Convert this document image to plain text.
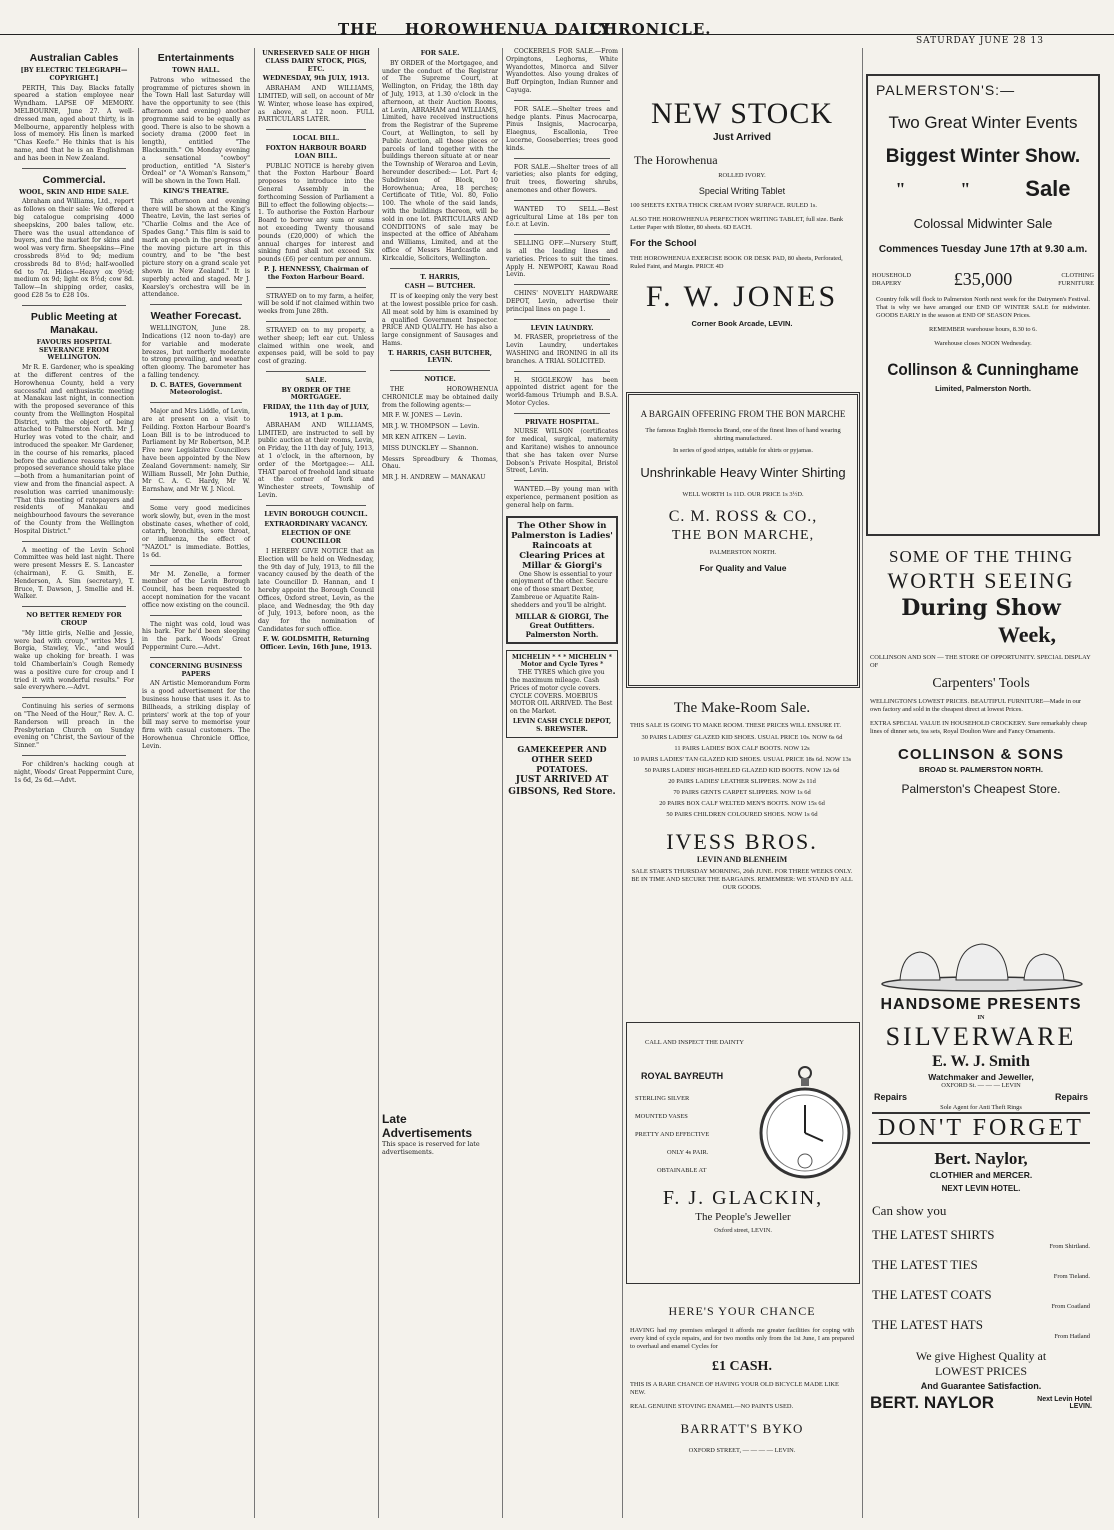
THE HOROWHENUA DAILY
CHRONICLE.
SATURDAY JUNE 28 13
Australian Cables
[BY ELECTRIC TELEGRAPH—COPYRIGHT.]

PERTH, This Day. Blacks fatally speared a station employee near Wyndham. LAPSE OF MEMORY. MELBOURNE, June 27. A well-dressed man, aged about thirty, is in Melbourne, apparently helpless with loss of memory. His linen is marked "Chas Keefe." He thinks that is his name, and that he is an Englishman and has been in New Zealand.

Commercial.
WOOL, SKIN AND HIDE SALE.

Abraham and Williams, Ltd., report as follows on their sale: We offered a big catalogue comprising 4000 sheepskins, 200 bales tallow, etc. There was the usual attendance of buyers, and the market for skins and wool was very firm. Sheepskins—Fine crossbreds 8½d to 9d; medium crossbreds 8d to 8½d; half-woolled 6d to 7d. Hides—Heavy ox 9½d; medium ox 9d; light ox 8½d; cow 8d. Tallow—In shipping order, casks, good £28 5s to £28 10s.

Public Meeting at Manakau.
FAVOURS HOSPITAL SEVERANCE FROM WELLINGTON.

Mr R. E. Gardener, who is speaking at the different centres of the Horowhenua County, held a very successful and enthusiastic meeting at Manakau last night, in connection with the proposed severance of this county from the Wellington Hospital District, with the object of being attached to Palmerston North. Mr J. Hurley was voted to the chair, and introduced the speaker. Mr Gardener, in the course of his remarks, placed before the audience reasons why the proposed severance should take place—both from a humanitarian point of view and from the financial aspect. A resolution was carried unanimously: "That this meeting of ratepayers and residents of Manakau and neighbourhood favours the severance of the County from the Wellington Hospital District."

A meeting of the Levin School Committee was held last night. There were present Messrs E. S. Lancaster (chairman), F. G. Smith, E. Henderson, A. Sim (secretary), T. Bruce, T. Dawson, J. Smellie and H. Walker.

NO BETTER REMEDY FOR CROUP

"My little girls, Nellie and Jessie, were bad with croup," writes Mrs J. Borgia, Stawley, Vic., "and would wake up choking for breath. I was told Chamberlain's Cough Remedy was a positive cure for croup and I tried it with wonderful results." For sale everywhere.—Advt.

Continuing his series of sermons on "The Need of the Hour," Rev. A. C. Randerson will preach in the Presbyterian Church on Sunday evening on "Christ, the Saviour of the Sinner."

For children's hacking cough at night, Woods' Great Peppermint Cure, 1s 6d, 2s 6d.—Advt.

Entertainments
TOWN HALL.

Patrons who witnessed the programme of pictures shown in the Town Hall last Saturday will have the opportunity to see (this afternoon and evening) another programme said to be equally as good. There is also to be shown a society drama (2000 feet in length), entitled "The Blacksmith." On Monday evening a sensational "cowboy" production, entitled "A Sister's Ordeal" or "A Woman's Ransom," will be shown in the Town Hall.

KING'S THEATRE.

This afternoon and evening there will be shown at the King's Theatre, Levin, the last series of "Charlie Colms and the Ace of Spades Gang." This film is said to mark an epoch in the progress of the moving picture art in this country, and to be "the best picture story on a grand scale yet shown in New Zealand." It is superbly acted and staged. Mr J. Kearsley's orchestra will be in attendance.

Weather Forecast.

WELLINGTON, June 28. Indications (12 noon to-day) are for variable and moderate breezes, but northerly moderate to strong prevailing, and weather often gloomy. The barometer has a falling tendency.

D. C. BATES, Government Meteorologist.

Major and Mrs Liddle, of Levin, are at present on a visit to Feilding. Foxton Harbour Board's Loan Bill is to be introduced to Parliament by Mr Robertson, M.P. Five new Legislative Councillors have been appointed by the New Zealand Government: namely, Sir William Russell, Mr John Duthie, Mr C. A. C. Hardy, Mr W. Earnshaw, and Mr W. J. Nicol.

Some very good medicines work slowly, but, even in the most obstinate cases, whether of cold, catarrh, bronchitis, sore throat, or influenza, the effect of "NAZOL" is immediate. Bottles, 1s 6d.

Mr M. Zenelle, a former member of the Levin Borough Council, has been requested to accept nomination for the vacant office now existing on the council.

The night was cold, loud was his bark. For he'd been sleeping in the park. Woods' Great Peppermint Cure.—Advt.

CONCERNING BUSINESS PAPERS

AN Artistic Memorandum Form is a good advertisement for the business house that uses it. As to Billheads, a striking display of printers' work at the top of your bill may serve to memorise your firm with casual customers. The Horowhenua Chronicle Office, Levin.

UNRESERVED SALE OF HIGH CLASS DAIRY STOCK, PIGS, ETC.
WEDNESDAY, 9th JULY, 1913.

ABRAHAM AND WILLIAMS, LIMITED, will sell, on account of Mr W. Winter, whose lease has expired, as above, at 12 noon. FULL PARTICULARS LATER.

LOCAL BILL.
FOXTON HARBOUR BOARD LOAN BILL.

PUBLIC NOTICE is hereby given that the Foxton Harbour Board proposes to introduce into the General Assembly in the forthcoming Session of Parliament a Bill to effect the following objects:— 1. To authorise the Foxton Harbour Board to borrow any sum or sums not exceeding Twenty thousand pounds (£20,000) of which the annual charges for interest and sinking fund shall not exceed Six pounds (£6) per centum per annum.

P. J. HENNESSY, Chairman of the Foxton Harbour Board.

STRAYED on to my farm, a heifer, will be sold if not claimed within two weeks from June 28th.

STRAYED on to my property, a wether sheep; left ear cut. Unless claimed within one week, and expenses paid, will be sold to pay cost of grazing.

SALE.
BY ORDER OF THE MORTGAGEE.
FRIDAY, the 11th day of JULY, 1913, at 1 p.m.

ABRAHAM AND WILLIAMS, LIMITED, are instructed to sell by public auction at their rooms, Levin, on Friday, the 11th day of July, 1913, at 1 o'clock, in the afternoon, by order of the Mortgagee:— ALL THAT parcel of freehold land situate at the corner of York and Winchester streets, Township of Levin.

LEVIN BOROUGH COUNCIL.
EXTRAORDINARY VACANCY.
ELECTION OF ONE COUNCILLOR

I HEREBY GIVE NOTICE that an Election will be held on Wednesday, the 9th day of July, 1913, to fill the vacancy caused by the death of the late Councillor D. Hannan, and I hereby appoint the Borough Council Offices, Oxford street, Levin, as the place, and Wednesday, the 9th day of July, 1913, before noon, as the day for the nomination of Candidates for such office.

F. W. GOLDSMITH, Returning Officer. Levin, 16th June, 1913.
FOR SALE.

BY ORDER of the Mortgagee, and under the conduct of the Registrar of The Supreme Court, at Wellington, on Friday, the 18th day of July, 1913, at 1.30 o'clock in the afternoon, at their Auction Rooms, at Levin, ABRAHAM and WILLIAMS, Limited, have received instructions from the Registrar of the Supreme Court, at Wellington, to sell by Public Auction, all those pieces or parcels of land together with the buildings thereon situate at or near the Township of Weraroa and Levin, hereunder described:— Lot. Part 4; Subdivision of Block, 10 Horowhenua; Area, 18 perches; Certificate of Title, Vol. 80, Folio 100. The whole of the said lands, with the buildings thereon, will be sold in one lot. PARTICULARS AND CONDITIONS of sale may be inspected at the office of Abraham and Williams, Limited, and at the office of Messrs Hardcastle and Kirkcaldie, Solicitors, Wellington.

T. HARRIS,
CASH — BUTCHER.

IT is of keeping only the very best at the lowest possible price for cash. All meat sold by him is examined by a qualified Government Inspector. PRICE AND QUALITY. He has also a large consignment of Sausages and Hams.

T. HARRIS, CASH BUTCHER, LEVIN.
NOTICE.

THE HOROWHENUA CHRONICLE may be obtained daily from the following agents:—

MR F. W. JONES — Levin.
MR J. W. THOMPSON — Levin.
MR KEN AITKEN — Levin.
MISS DUNCKLEY — Shannon.
Messrs Spreadbury & Thomas, Ohau.
MR J. H. ANDREW — MANAKAU
Late Advertisements
This space is reserved for late advertisements.

COCKERELS FOR SALE.—From Orpingtons, Leghorns, White Wyandottes, Minorca and Silver Wyandottes. Also young drakes of Buff Orpington, Indian Runner and Cayuga.

FOR SALE.—Shelter trees and hedge plants. Pinus Macrocarpa, Pinus Insignis, Macrocarpa, Elaegnus, Escallonia, Tree Lucerne, Gooseberries; trees good kinds.

FOR SALE.—Shelter trees of all varieties; also plants for edging, fruit trees, flowering shrubs, anemones and other flowers.

WANTED TO SELL.—Best agricultural Lime at 18s per ton f.o.r. at Levin.

SELLING OFF.—Nursery Stuff, is all the leading lines and varieties. Prices to suit the times. Apply H. NEWPORT, Kawau Road Levin.

CHINS' NOVELTY HARDWARE DEPOT, Levin, advertise their principal lines on page 1.

LEVIN LAUNDRY.

M. FRASER, proprietress of the Levin Laundry, undertakes WASHING and IRONING in all its branches. A TRIAL SOLICITED.

H. SIGGLEKOW has been appointed district agent for the world-famous Triumph and B.S.A. Motor Cycles.

PRIVATE HOSPITAL.

NURSE WILSON (certificates for medical, surgical, maternity and Karitane) wishes to announce that she has taken over Nurse Dobson's Private Hospital, Bristol Street, Levin.

WANTED.—By young man with experience, permanent position as general help on farm.

The Other Show in Palmerston is Ladies' Raincoats at Clearing Prices at Millar & Giorgi's

One Show is essential to your enjoyment of the other. Secure one of those smart Dexter, Zambreue or Aquatite Rain-shedders and you'll be alright.

MILLAR & GIORGI, The Great Outfitters. Palmerston North.
MICHELIN * * * MICHELIN * Motor and Cycle Tyres *

THE TYRES which give you the maximum mileage. Cash Prices of motor cycle covers. CYCLE COVERS. MOEBIUS MOTOR OIL ARRIVED. The Best on the Market.

LEVIN CASH CYCLE DEPOT, S. BREWSTER.
GAMEKEEPER AND OTHER SEED POTATOES.
JUST ARRIVED AT GIBSONS, Red Store.
NEW STOCK
Just Arrived
The Horowhenua
ROLLED IVORY.
Special Writing Tablet
100 SHEETS EXTRA THICK CREAM IVORY SURFACE. RULED 1s.
ALSO THE HOROWHENUA PERFECTION WRITING TABLET, full size. Bank Letter Paper with Blotter, 80 sheets. 6D EACH.
For the School
THE HOROWHENUA EXERCISE BOOK OR DESK PAD, 80 sheets, Perforated, Ruled Faint, and Margin. PRICE 4D
F. W. JONES
Corner Book Arcade, LEVIN.
A BARGAIN OFFERING FROM THE BON MARCHE
The famous English Horrocks Brand, one of the finest lines of hand wearing shirting manufactured.
In series of good stripes, suitable for shirts or pyjamas.
Unshrinkable Heavy Winter Shirting
WELL WORTH 1s 11D. OUR PRICE 1s 3½D.
C. M. ROSS & CO.,
THE BON MARCHE,
PALMERSTON NORTH.
For Quality and Value
The Make-Room Sale.
THIS SALE IS GOING TO MAKE ROOM. THESE PRICES WILL ENSURE IT.
30 PAIRS LADIES' GLAZED KID SHOES. USUAL PRICE 10s. NOW 6s 6d
11 PAIRS LADIES' BOX CALF BOOTS. NOW 12s
10 PAIRS LADIES' TAN GLAZED KID SHOES. USUAL PRICE 18s 6d. NOW 13s
50 PAIRS LADIES' HIGH-HEELED GLAZED KID BOOTS. NOW 12s 6d
20 PAIRS LADIES' LEATHER SLIPPERS. NOW 2s 11d
70 PAIRS GENTS CARPET SLIPPERS. NOW 1s 6d
20 PAIRS BOX CALF WELTED MEN'S BOOTS. NOW 15s 6d
50 PAIRS CHILDREN COLOURED SHOES. NOW 1s 6d
IVESS BROS.
LEVIN AND BLENHEIM
SALE STARTS THURSDAY MORNING, 26th JUNE. FOR THREE WEEKS ONLY. BE IN TIME AND SECURE THE BARGAINS. REMEMBER: WE STAND BY ALL OUR GOODS.
CALL AND INSPECT THE DAINTY
ROYAL BAYREUTH
STERLING SILVER
MOUNTED VASES
PRETTY AND EFFECTIVE
ONLY 4s PAIR.
OBTAINABLE AT
F. J. GLACKIN,
The People's Jeweller
Oxford street, LEVIN.
HERE'S YOUR CHANCE
HAVING had my premises enlarged it affords me greater facilities for coping with every kind of cycle repairs, and for two months only from the 1st June, I am prepared to overhaul and enamel Cycles for
£1 CASH.
THIS IS A RARE CHANCE OF HAVING YOUR OLD BICYCLE MADE LIKE NEW.
REAL GENUINE STOVING ENAMEL—NO PAINTS USED.
BARRATT'S BYKO
OXFORD STREET, — — — — LEVIN.
PALMERSTON'S:—
Two Great Winter Events
Biggest Winter Show.
"	" Sale
Colossal Midwinter Sale
Commences Tuesday June 17th at 9.30 a.m.
HOUSEHOLD DRAPERY	£35,000	CLOTHING FURNITURE
Country folk will flock to Palmerston North next week for the Dairymen's Festival. That is why we have arranged our END OF WINTER SALE for midwinter. GOODS EARLY in the season at END OF SEASON Prices.
REMEMBER warehouse hours, 8.30 to 6.
Warehouse closes NOON Wednesday.
Collinson & Cunninghame
Limited, Palmerston North.
SOME OF THE THING
WORTH SEEING
During Show
Week,
COLLINSON AND SON — THE STORE OF OPPORTUNITY. SPECIAL DISPLAY OF
Carpenters' Tools
WELLINGTON'S LOWEST PRICES. BEAUTIFUL FURNITURE—Made in our own factory and sold in the cheapest direct at lowest Prices.
EXTRA SPECIAL VALUE IN HOUSEHOLD CROCKERY. Sure remarkably cheap lines of dinner sets, tea sets, Royal Doulton Ware and Fancy Ornaments.
COLLINSON & SONS
BROAD St. PALMERSTON NORTH.
Palmerston's Cheapest Store.
HANDSOME PRESENTS
IN
SILVERWARE
E. W. J. Smith
Watchmaker and Jeweller,
OXFORD St. — — — LEVIN
Repairs	Repairs
Sole Agent for Anti Theft Rings
DON'T FORGET
Bert. Naylor,
CLOTHIER and MERCER.
NEXT LEVIN HOTEL.
Can show you
THE LATEST SHIRTS
From Shirtland.
THE LATEST TIES
From Tieland.
THE LATEST COATS
From Coatland
THE LATEST HATS
From Hatland
We give Highest Quality at
LOWEST PRICES
And Guarantee Satisfaction.
BERT. NAYLOR	Next Levin Hotel LEVIN.
